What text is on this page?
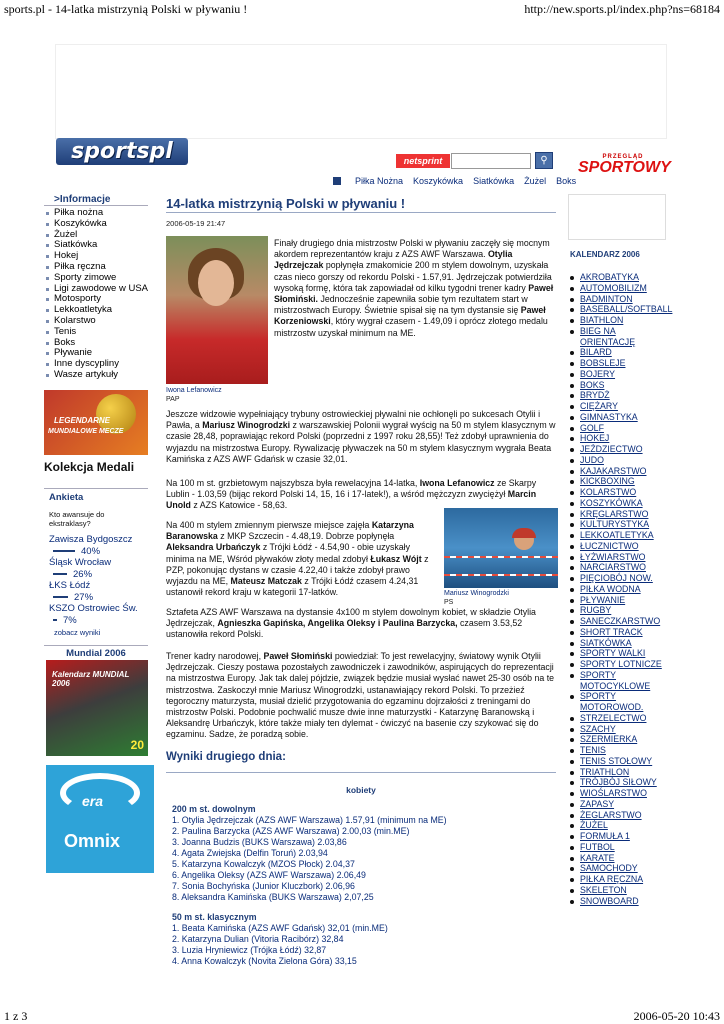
sports.pl - 14-latka mistrzynią Polski w pływaniu !	http://new.sports.pl/index.php?ns=68184
1 z 3	2006-05-20 10:43
sportspl	netsprint	⚲	PRZEGLĄD
SPORTOWY
Piłka Nożna Koszykówka Siatkówka Żużel Boks
>Informacje
Piłka nożna
Koszykówka
Żużel
Siatkówka
Hokej
Piłka ręczna
Sporty zimowe
Ligi zawodowe w USA
Motosporty
Lekkoatletyka
Kolarstwo
Tenis
Boks
Pływanie
Inne dyscypliny
Wasze artykuły
LEGENDARNE
MUNDIALOWE MECZE
Kolekcja Medali
Ankieta
Kto awansuje do ekstraklasy?
Zawisza Bydgoszcz
40%
Śląsk Wrocław
26%
ŁKS Łódź
27%
KSZO Ostrowiec Św.
7%
zobacz wyniki
Mundial 2006
Kalendarz MUNDIAL 2006
20
era
Omnix
14-latka mistrzynią Polski w pływaniu !
2006-05-19 21:47
Iwona Lefanowicz
PAP
Finały drugiego dnia mistrzostw Polski w pływaniu zaczęły się mocnym akordem reprezentantów kraju z AZS AWF Warszawa. Otylia Jędrzejczak popłynęła zmakomicie 200 m stylem dowolnym, uzyskała czas nieco gorszy od rekordu Polski - 1.57,91. Jędrzejczak potwierdziła wysoką formę, która tak zapowiadał od kilku tygodni trener kadry Paweł Słomiński. Jednocześnie zapewniła sobie tym rezultatem start w mistrzostwach Europy. Świetnie spisał się na tym dystansie się Paweł Korzeniowski, który wygrał czasem - 1.49,09 i oprócz złotego medalu mistrzostw uzyskał minimum na ME.
Jeszcze widzowie wypełniający trybuny ostrowieckiej pływalni nie ochłonęli po sukcesach Otylii i Pawła, a Mariusz Winogrodzki z warszawskiej Polonii wygrał wyścig na 50 m stylem klasycznym w czasie 28,48, poprawiając rekord Polski (poprzedni z 1997 roku 28,55)! Też zdobył uprawnienia do wyjazdu na mistrzostwa Europy. Rywalizację pływaczek na 50 m stylem klasycznym wygrała Beata Kamińska z AZS AWF Gdańsk w czasie 32,01.
Na 100 m st. grzbietowym najszybsza była rewelacyjna 14-latka, Iwona Lefanowicz ze Skarpy Lublin - 1.03,59 (bijąc rekord Polski 14, 15, 16 i 17-latek!), a wśród mężczyzn zwyciężył Marcin Unold z AZS Katowice - 58,63.
Mariusz Winogrodzki
PS
Na 400 m stylem zmiennym pierwsze miejsce zajęła Katarzyna Baranowska z MKP Szczecin - 4.48,19. Dobrze popłynęła Aleksandra Urbańczyk z Trójki Łódź - 4.54,90 - obie uzyskały minima na ME, Wśród pływaków złoty medal zdobył Łukasz Wójt z PZP, pokonując dystans w czasie 4.22,40 i także zdobył prawo wyjazdu na ME, Mateusz Matczak z Trójki Łódź czasem 4.24,31 ustanowił rekord kraju w kategorii 17-latków.
Sztafeta AZS AWF Warszawa na dystansie 4x100 m stylem dowolnym kobiet, w składzie Otylia Jędrzejczak, Agnieszka Gapińska, Angelika Oleksy i Paulina Barzycka, czasem 3.53,52 ustanowiła rekord Polski.
Trener kadry narodowej, Paweł Słomiński powiedział: To jest rewelacyjny, światowy wynik Otylii Jędrzejczak. Cieszy postawa pozostałych zawodniczek i zawodników, aspirujących do reprezentacji na mistrzostwa Europy. Jak tak dalej pójdzie, związek będzie musiał wysłać nawet 25-30 osób na te mistrzostwa. Zaskoczył mnie Mariusz Winogrodzki, ustanawiający rekord Polski. To przeżieź tegoroczny maturzysta, musiał dzielić przygotowania do egzaminu dojrzałości z treningami do mistrzostw Polski. Podobnie pochwalić musze dwie inne maturzystki - Katarzynę Baranowską i Aleksandrę Urbańczyk, które także miały ten dylemat - ćwiczyć na basenie czy szykować się do egzaminu. Sadze, że poradzą sobie.
Wyniki drugiego dnia:
kobiety
200 m st. dowolnym
1. Otylia Jędrzejczak (AZS AWF Warszawa) 1.57,91 (minimum na ME)
2. Paulina Barzycka (AZS AWF Warszawa) 2.00,03 (min.ME)
3. Joanna Budzis (BUKS Warszawa) 2.03,86
4. Agata Zwiejska (Delfin Toruń) 2.03,94
5. Katarzyna Kowalczyk (MZOS Płock) 2.04,37
6. Angelika Oleksy (AZS AWF Warszawa) 2.06,49
7. Sonia Bochyńska (Junior Kluczbork) 2.06,96
8. Aleksandra Kamińska (BUKS Warszawa) 2,07,25
50 m st. klasycznym
1. Beata Kamińska (AZS AWF Gdańsk) 32,01 (min.ME)
2. Katarzyna Dulian (Vitoria Racibórz) 32,84
3. Luzia Hryniewicz (Trójka Łódź) 32,87
4. Anna Kowalczyk (Novita Zielona Góra) 33,15
KALENDARZ 2006
AKROBATYKA
AUTOMOBILIZM
BADMINTON
BASEBALL/SOFTBALL
BIATHLON
BIEG NA ORIENTACJĘ
BILARD
BOBSLEJE
BOJERY
BOKS
BRYDŻ
CIĘŻARY
GIMNASTYKA
GOLF
HOKEJ
JEŹDZIECTWO
JUDO
KAJAKARSTWO
KICKBOXING
KOLARSTWO
KOSZYKÓWKA
KRĘGLARSTWO
KULTURYSTYKA
LEKKOATLETYKA
ŁUCZNICTWO
ŁYŻWIARSTWO
NARCIARSTWO
PIĘCIOBÓJ NOW.
PIŁKA WODNA
PŁYWANIE
RUGBY
SANECZKARSTWO
SHORT TRACK
SIATKÓWKA
SPORTY WALKI
SPORTY LOTNICZE
SPORTY MOTOCYKLOWE
SPORTY MOTOROWOD.
STRZELECTWO
SZACHY
SZERMIERKA
TENIS
TENIS STOŁOWY
TRIATHLON
TRÓJBÓJ SIŁOWY
WIOŚLARSTWO
ZAPASY
ŻEGLARSTWO
ŻUŻEL
FORMUŁA 1
FUTBOL
KARATE
SAMOCHODY
PIŁKA RĘCZNA
SKELETON
SNOWBOARD
